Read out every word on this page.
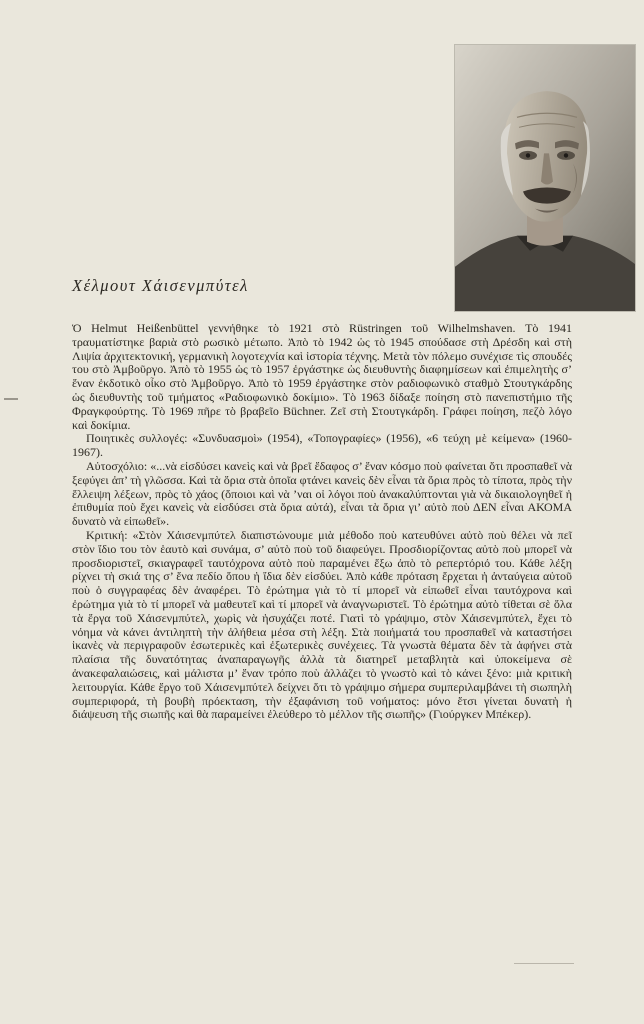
Χέλμουτ Χάισενμπύτελ

Ὁ Helmut Heißenbüttel γεννήθηκε τὸ 1921 στὸ Rüstringen τοῦ Wilhelmshaven. Τὸ 1941 τραυματίστηκε βαριὰ στὸ ρωσικὸ μέτωπο. Ἀπὸ τὸ 1942 ὡς τὸ 1945 σπούδασε στὴ Δρέσδη καὶ στὴ Λιψία ἀρχιτεκτονική, γερμανικὴ λογοτεχνία καὶ ἱστορία τέχνης. Μετὰ τὸν πόλεμο συνέχισε τὶς σπουδές του στὸ Ἀμβοῦργο. Ἀπὸ τὸ 1955 ὡς τὸ 1957 ἐργάστηκε ὡς διευθυντὴς διαφημίσεων καὶ ἐπιμελητὴς σ’ ἕναν ἐκδοτικὸ οἶκο στὸ Ἀμβοῦργο. Ἀπὸ τὸ 1959 ἐργάστηκε στὸν ραδιοφωνικὸ σταθμὸ Στουτγκάρδης ὡς διευθυντὴς τοῦ τμήματος «Ραδιοφωνικὸ δοκίμιο». Τὸ 1963 δίδαξε ποίηση στὸ πανεπιστήμιο τῆς Φραγκφούρτης. Τὸ 1969 πῆρε τὸ βραβεῖο Büchner. Ζεῖ στὴ Στουτγκάρδη. Γράφει ποίηση, πεζὸ λόγο καὶ δοκίμια.

Ποιητικὲς συλλογές: «Συνδυασμοὶ» (1954), «Τοπογραφίες» (1956), «6 τεύχη μὲ κείμενα» (1960-1967).

Αὐτοσχόλιο: «...νὰ εἰσδύσει κανεὶς καὶ νὰ βρεῖ ἔδαφος σ’ ἕναν κόσμο ποὺ φαίνεται ὅτι προσπαθεῖ νὰ ξεφύγει ἀπ’ τὴ γλῶσσα. Καὶ τὰ ὅρια στὰ ὁποῖα φτάνει κανεὶς δὲν εἶναι τὰ ὅρια πρὸς τὸ τίποτα, πρὸς τὴν ἔλλειψη λέξεων, πρὸς τὸ χάος (ὅποιοι καὶ νὰ ’ναι οἱ λόγοι ποὺ ἀνακαλύπτονται γιὰ νὰ δικαιολογηθεῖ ἡ ἐπιθυμία ποὺ ἔχει κανεὶς νὰ εἰσδύσει στὰ ὅρια αὐτά), εἶναι τὰ ὅρια γι’ αὐτὸ ποὺ ΔΕΝ εἶναι ΑΚΟΜΑ δυνατὸ νὰ εἰπωθεῖ».

Κριτική: «Στὸν Χάισενμπύτελ διαπιστώνουμε μιὰ μέθοδο ποὺ κατευθύνει αὐτὸ ποὺ θέλει νὰ πεῖ στὸν ἴδιο του τὸν ἑαυτὸ καὶ συνάμα, σ’ αὐτὸ ποὺ τοῦ διαφεύγει. Προσδιορίζοντας αὐτὸ ποὺ μπορεῖ νὰ προσδιοριστεῖ, σκιαγραφεῖ ταυτόχρονα αὐτὸ ποὺ παραμένει ἔξω ἀπὸ τὸ ρεπερτόριό του. Κάθε λέξη ρίχνει τὴ σκιά της σ’ ἕνα πεδίο ὅπου ἡ ἴδια δὲν εἰσδύει. Ἀπὸ κάθε πρόταση ἔρχεται ἡ ἀνταύγεια αὐτοῦ ποὺ ὁ συγγραφέας δὲν ἀναφέρει. Τὸ ἐρώτημα γιὰ τὸ τί μπορεῖ νὰ εἰπωθεῖ εἶναι ταυτόχρονα καὶ ἐρώτημα γιὰ τὸ τί μπορεῖ νὰ μαθευτεῖ καὶ τί μπορεῖ νὰ ἀναγνωριστεῖ. Τὸ ἐρώτημα αὐτὸ τίθεται σὲ ὅλα τὰ ἔργα τοῦ Χάισενμπύτελ, χωρὶς νὰ ἡσυχάζει ποτέ. Γιατὶ τὸ γράψιμο, στὸν Χάισενμπύτελ, ἔχει τὸ νόημα νὰ κάνει ἀντιληπτὴ τὴν ἀλήθεια μέσα στὴ λέξη. Στὰ ποιήματά του προσπαθεῖ νὰ καταστήσει ἱκανὲς νὰ περιγραφοῦν ἐσωτερικὲς καὶ ἐξωτερικὲς συνέχειες. Τὰ γνωστὰ θέματα δὲν τὰ ἀφήνει στὰ πλαίσια τῆς δυνατότητας ἀναπαραγωγῆς ἀλλὰ τὰ διατηρεῖ μεταβλητὰ καὶ ὑποκείμενα σὲ ἀνακεφαλαιώσεις, καὶ μάλιστα μ’ ἕναν τρόπο ποὺ ἀλλάζει τὸ γνωστὸ καὶ τὸ κάνει ξένο: μιὰ κριτικὴ λειτουργία. Κάθε ἔργο τοῦ Χάισενμπύτελ δείχνει ὅτι τὸ γράψιμο σήμερα συμπεριλαμβάνει τὴ σιωπηλὴ συμπεριφορά, τὴ βουβὴ πρόεκταση, τὴν ἐξαφάνιση τοῦ νοήματος: μόνο ἔτσι γίνεται δυνατὴ ἡ διάψευση τῆς σιωπῆς καὶ θὰ παραμείνει ἐλεύθερο τὸ μέλλον τῆς σιωπῆς» (Γιούργκεν Μπέκερ).
